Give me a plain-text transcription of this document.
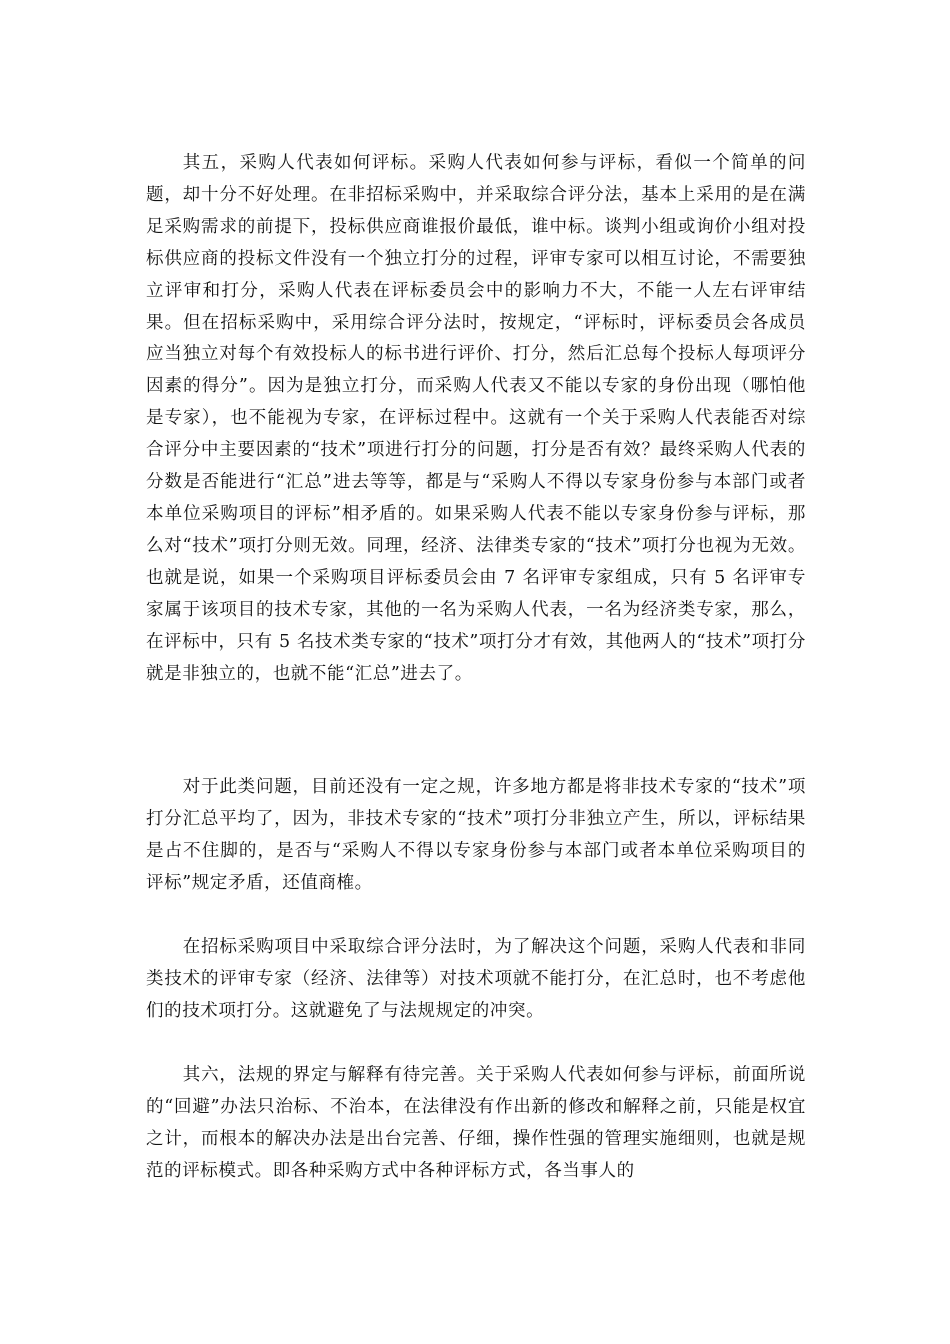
其五，采购人代表如何评标。采购人代表如何参与评标，看似一个简单的问题，却十分不好处理。在非招标采购中，并采取综合评分法，基本上采用的是在满足采购需求的前提下，投标供应商谁报价最低，谁中标。谈判小组或询价小组对投标供应商的投标文件没有一个独立打分的过程，评审专家可以相互讨论，不需要独立评审和打分，采购人代表在评标委员会中的影响力不大，不能一人左右评审结果。但在招标采购中，采用综合评分法时，按规定，“评标时，评标委员会各成员应当独立对每个有效投标人的标书进行评价、打分，然后汇总每个投标人每项评分因素的得分”。因为是独立打分，而采购人代表又不能以专家的身份出现（哪怕他是专家），也不能视为专家，在评标过程中。这就有一个关于采购人代表能否对综合评分中主要因素的“技术”项进行打分的问题，打分是否有效？最终采购人代表的分数是否能进行“汇总”进去等等，都是与“采购人不得以专家身份参与本部门或者本单位采购项目的评标”相矛盾的。如果采购人代表不能以专家身份参与评标，那么对“技术”项打分则无效。同理，经济、法律类专家的“技术”项打分也视为无效。也就是说，如果一个采购项目评标委员会由 7 名评审专家组成，只有 5 名评审专家属于该项目的技术专家，其他的一名为采购人代表，一名为经济类专家，那么，在评标中，只有 5 名技术类专家的“技术”项打分才有效，其他两人的“技术”项打分就是非独立的，也就不能“汇总”进去了。

对于此类问题，目前还没有一定之规，许多地方都是将非技术专家的“技术”项打分汇总平均了，因为，非技术专家的“技术”项打分非独立产生，所以，评标结果是占不住脚的，是否与“采购人不得以专家身份参与本部门或者本单位采购项目的评标”规定矛盾，还值商榷。

在招标采购项目中采取综合评分法时，为了解决这个问题，采购人代表和非同类技术的评审专家（经济、法律等）对技术项就不能打分，在汇总时，也不考虑他们的技术项打分。这就避免了与法规规定的冲突。

其六，法规的界定与解释有待完善。关于采购人代表如何参与评标，前面所说的“回避”办法只治标、不治本，在法律没有作出新的修改和解释之前，只能是权宜之计，而根本的解决办法是出台完善、仔细，操作性强的管理实施细则，也就是规范的评标模式。即各种采购方式中各种评标方式，各当事人的
